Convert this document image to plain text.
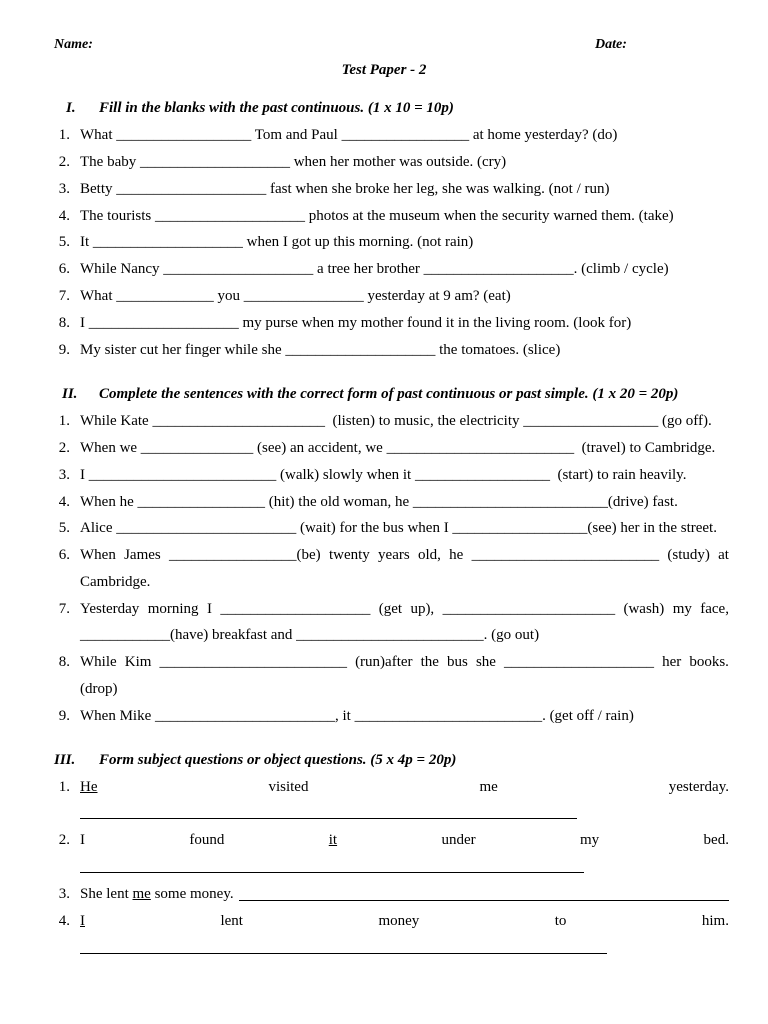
Name:	Date:
Test Paper - 2
I. Fill in the blanks with the past continuous. (1 x 10 = 10p)
1. What __________________ Tom and Paul _________________ at home yesterday? (do)
2. The baby ____________________ when her mother was outside. (cry)
3. Betty ____________________ fast when she broke her leg, she was walking. (not / run)
4. The tourists ____________________ photos at the museum when the security warned them. (take)
5. It ____________________ when I got up this morning. (not rain)
6. While Nancy ____________________ a tree her brother ____________________. (climb / cycle)
7. What _____________ you ________________ yesterday at 9 am? (eat)
8. I ____________________ my purse when my mother found it in the living room. (look for)
9. My sister cut her finger while she ____________________ the tomatoes. (slice)
II. Complete the sentences with the correct form of past continuous or past simple. (1 x 20 = 20p)
1. While Kate _______________________  (listen) to music, the electricity __________________ (go off).
2. When we _______________ (see) an accident, we _________________________  (travel) to Cambridge.
3. I _________________________ (walk) slowly when it __________________  (start) to rain heavily.
4. When he _________________ (hit) the old woman, he __________________________(drive) fast.
5. Alice ________________________ (wait) for the bus when I __________________(see) her in the street.
6. When James _________________(be) twenty years old, he _________________________ (study) at
Cambridge.
7. Yesterday morning I ____________________ (get up), _______________________ (wash) my face,
____________(have) breakfast and _________________________. (go out)
8. While Kim _________________________ (run)after the bus she ____________________ her books.
(drop)
9. When Mike ________________________, it _________________________. (get off / rain)
III. Form subject questions or object questions. (5 x 4p = 20p)
1. He	visited	me	yesterday.
2. I	found	it	under	my	bed.
3. She lent me some money.
4. I	lent	money	to	him.
